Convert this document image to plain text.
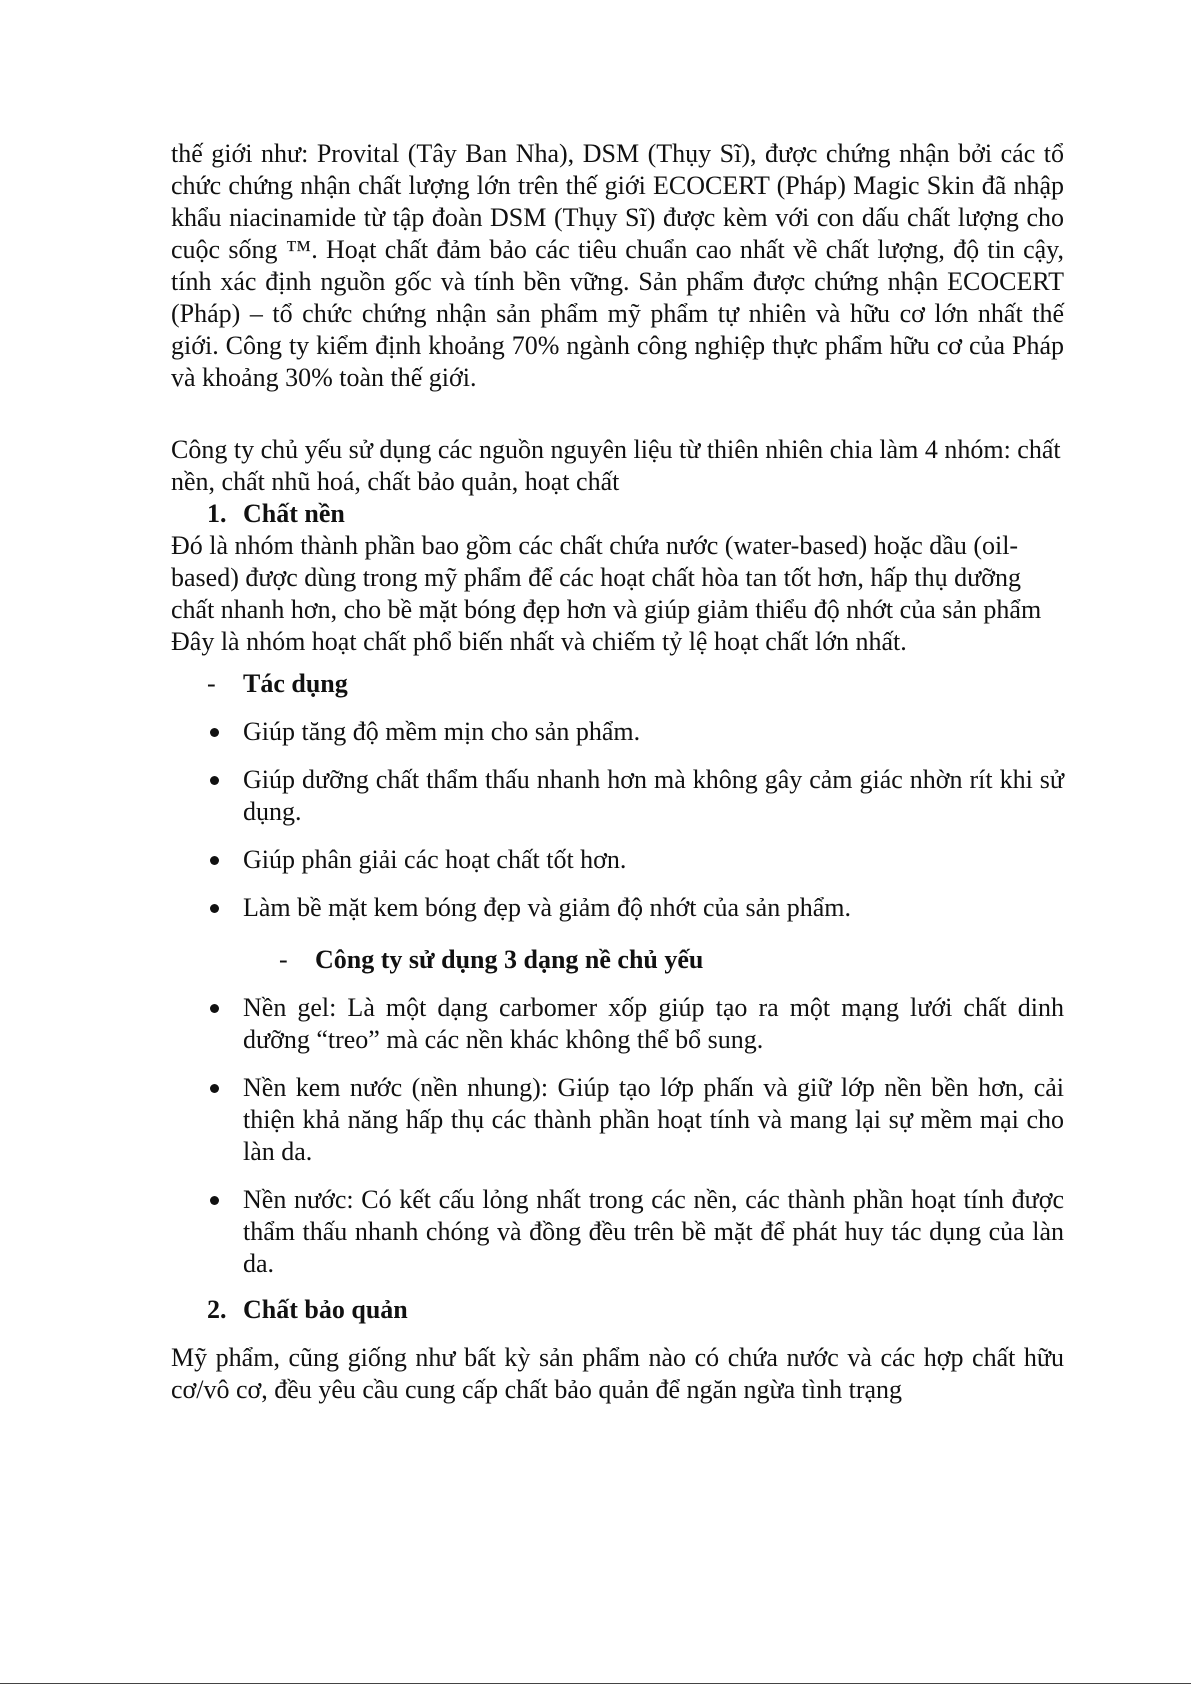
thế giới như: Provital (Tây Ban Nha), DSM (Thụy Sĩ), được chứng nhận bởi các tổ chức chứng nhận chất lượng lớn trên thế giới ECOCERT (Pháp) Magic Skin đã nhập khẩu niacinamide từ tập đoàn DSM (Thụy Sĩ) được kèm với con dấu chất lượng cho cuộc sống ™. Hoạt chất đảm bảo các tiêu chuẩn cao nhất về chất lượng, độ tin cậy, tính xác định nguồn gốc và tính bền vững. Sản phẩm được chứng nhận ECOCERT (Pháp) – tổ chức chứng nhận sản phẩm mỹ phẩm tự nhiên và hữu cơ lớn nhất thế giới. Công ty kiểm định khoảng 70% ngành công nghiệp thực phẩm hữu cơ của Pháp và khoảng 30% toàn thế giới.

Công ty chủ yếu sử dụng các nguồn nguyên liệu từ thiên nhiên chia làm 4 nhóm: chất nền, chất nhũ hoá, chất bảo quản, hoạt chất

1. Chất nền

Đó là nhóm thành phần bao gồm các chất chứa nước (water-based) hoặc dầu (oil-based) được dùng trong mỹ phẩm để các hoạt chất hòa tan tốt hơn, hấp thụ dưỡng chất nhanh hơn, cho bề mặt bóng đẹp hơn và giúp giảm thiểu độ nhớt của sản phẩm Đây là nhóm hoạt chất phổ biến nhất và chiếm tỷ lệ hoạt chất lớn nhất.

-	Tác dụng
Giúp tăng độ mềm mịn cho sản phẩm.
Giúp dưỡng chất thẩm thấu nhanh hơn mà không gây cảm giác nhờn rít khi sử dụng.
Giúp phân giải các hoạt chất tốt hơn.
Làm bề mặt kem bóng đẹp và giảm độ nhớt của sản phẩm.
-	Công ty sử dụng 3 dạng nề chủ yếu
Nền gel: Là một dạng carbomer xốp giúp tạo ra một mạng lưới chất dinh dưỡng “treo” mà các nền khác không thể bổ sung.
Nền kem nước (nền nhung): Giúp tạo lớp phấn và giữ lớp nền bền hơn, cải thiện khả năng hấp thụ các thành phần hoạt tính và mang lại sự mềm mại cho làn da.
Nền nước: Có kết cấu lỏng nhất trong các nền, các thành phần hoạt tính được thẩm thấu nhanh chóng và đồng đều trên bề mặt để phát huy tác dụng của làn da.
2. Chất bảo quản

Mỹ phẩm, cũng giống như bất kỳ sản phẩm nào có chứa nước và các hợp chất hữu cơ/vô cơ, đều yêu cầu cung cấp chất bảo quản để ngăn ngừa tình trạng
